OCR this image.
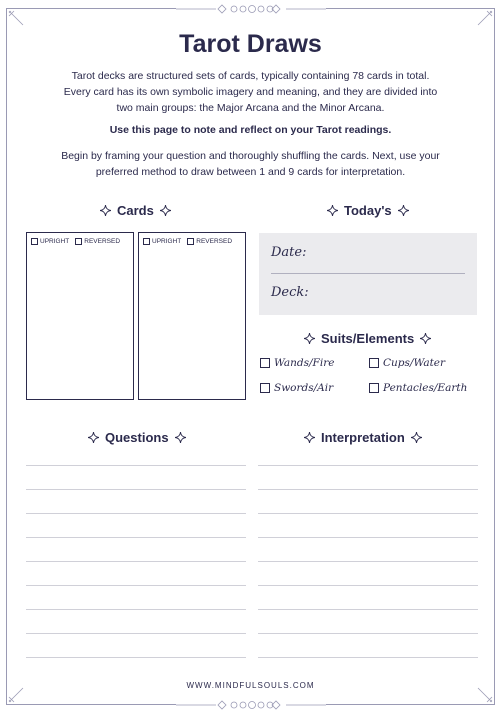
Tarot Draws

Tarot decks are structured sets of cards, typically containing 78 cards in total. Every card has its own symbolic imagery and meaning, and they are divided into two main groups: the Major Arcana and the Minor Arcana.

Use this page to note and reflect on your Tarot readings.

Begin by framing your question and thoroughly shuffling the cards. Next, use your preferred method to draw between 1 and 9 cards for interpretation.

Cards	Today's
UPRIGHT REVERSED	UPRIGHT REVERSED
Date:
Deck:
Suits/Elements
Wands/Fire	Cups/Water
Swords/Air	Pentacles/Earth
Questions	Interpretation
WWW.MINDFULSOULS.COM
